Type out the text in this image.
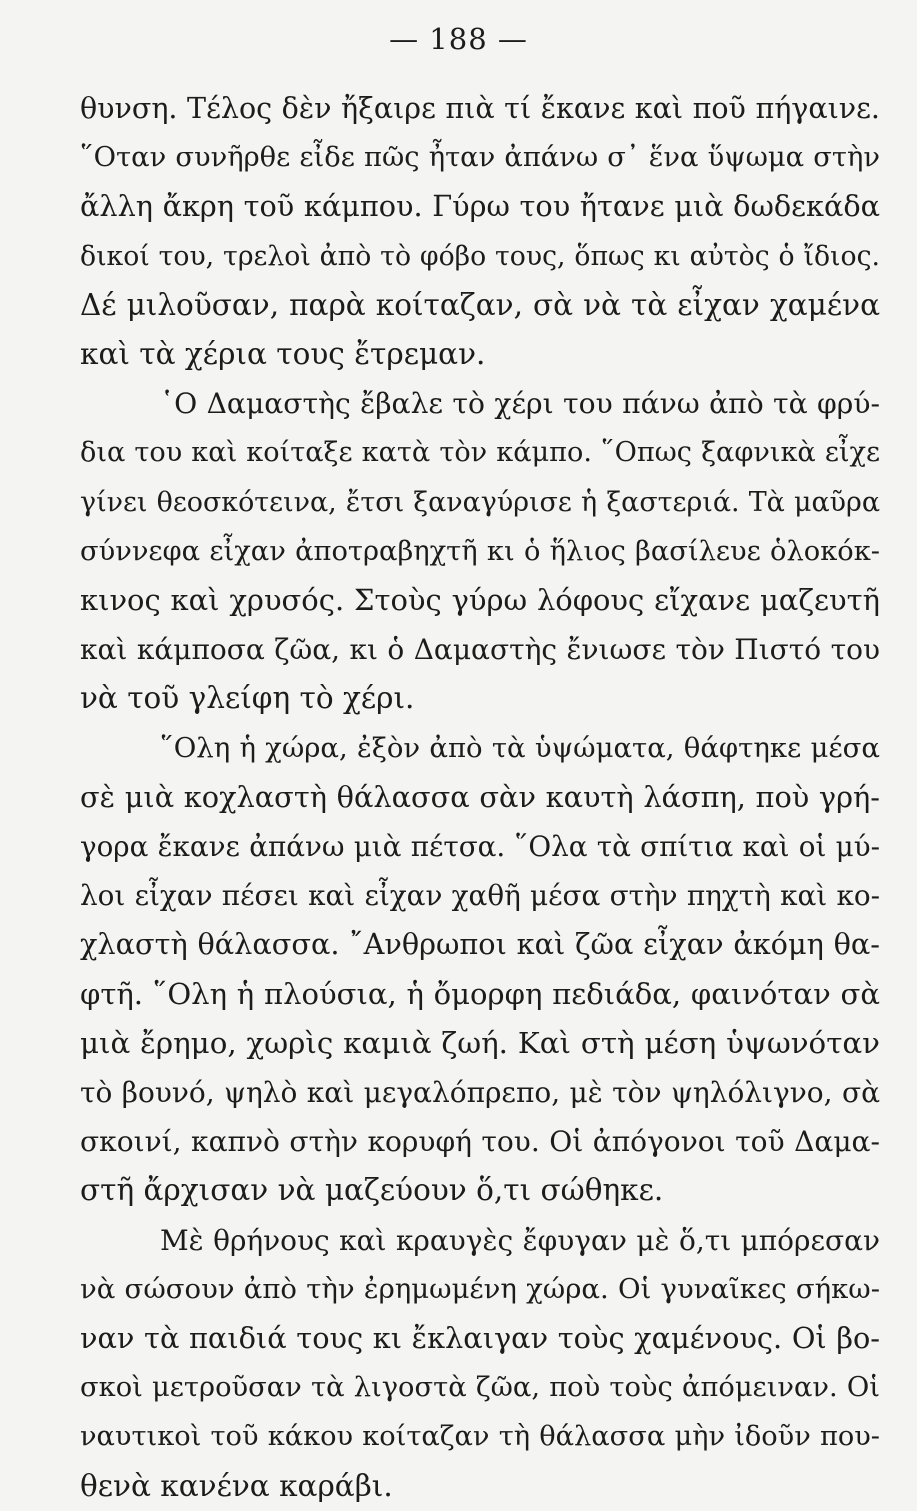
— 188 —
θυνση. Τέλος δὲν ἤξαιρε πιὰ τί ἔκανε καὶ ποῦ πήγαινε.
῞Οταν συνῆρθε εἶδε πῶς ἦταν ἀπάνω σ᾿ ἕνα ὕψωμα στὴν
ἄλλη ἄκρη τοῦ κάμπου. Γύρω του ἤτανε μιὰ δωδεκάδα
δικοί του, τρελοὶ ἀπὸ τὸ φόβο τους, ὅπως κι αὐτὸς ὁ ἴδιος.
Δέ μιλοῦσαν, παρὰ κοίταζαν, σὰ νὰ τὰ εἶχαν χαμένα
καὶ τὰ χέρια τους ἔτρεμαν.
῾Ο Δαμαστὴς ἔβαλε τὸ χέρι του πάνω ἀπὸ τὰ φρύ-
δια του καὶ κοίταξε κατὰ τὸν κάμπο. ῞Οπως ξαφνικὰ εἶχε
γίνει θεοσκότεινα, ἔτσι ξαναγύρισε ἡ ξαστεριά. Τὰ μαῦρα
σύννεφα εἶχαν ἀποτραβηχτῆ κι ὁ ἥλιος βασίλευε ὁλοκόκ-
κινος καὶ χρυσός. Στοὺς γύρω λόφους εἴχανε μαζευτῆ
καὶ κάμποσα ζῶα, κι ὁ Δαμαστὴς ἔνιωσε τὸν Πιστό του
νὰ τοῦ γλείφη τὸ χέρι.
῞Ολη ἡ χώρα, ἐξὸν ἀπὸ τὰ ὑψώματα, θάφτηκε μέσα
σὲ μιὰ κοχλαστὴ θάλασσα σὰν καυτὴ λάσπη, ποὺ γρή-
γορα ἔκανε ἀπάνω μιὰ πέτσα. ῞Ολα τὰ σπίτια καὶ οἱ μύ-
λοι εἶχαν πέσει καὶ εἶχαν χαθῆ μέσα στὴν πηχτὴ καὶ κο-
χλαστὴ θάλασσα. ῎Ανθρωποι καὶ ζῶα εἶχαν ἀκόμη θα-
φτῆ. ῞Ολη ἡ πλούσια, ἡ ὄμορφη πεδιάδα, φαινόταν σὰ
μιὰ ἔρημο, χωρὶς καμιὰ ζωή. Καὶ στὴ μέση ὑψωνόταν
τὸ βουνό, ψηλὸ καὶ μεγαλόπρεπο, μὲ τὸν ψηλόλιγνο, σὰ
σκοινί, καπνὸ στὴν κορυφή του. Οἱ ἀπόγονοι τοῦ Δαμα-
στῆ ἄρχισαν νὰ μαζεύουν ὅ,τι σώθηκε.
Μὲ θρήνους καὶ κραυγὲς ἔφυγαν μὲ ὅ,τι μπόρεσαν
νὰ σώσουν ἀπὸ τὴν ἐρημωμένη χώρα. Οἱ γυναῖκες σήκω-
ναν τὰ παιδιά τους κι ἔκλαιγαν τοὺς χαμένους. Οἱ βο-
σκοὶ μετροῦσαν τὰ λιγοστὰ ζῶα, ποὺ τοὺς ἀπόμειναν. Οἱ
ναυτικοὶ τοῦ κάκου κοίταζαν τὴ θάλασσα μὴν ἰδοῦν που-
θενὰ κανένα καράβι.
